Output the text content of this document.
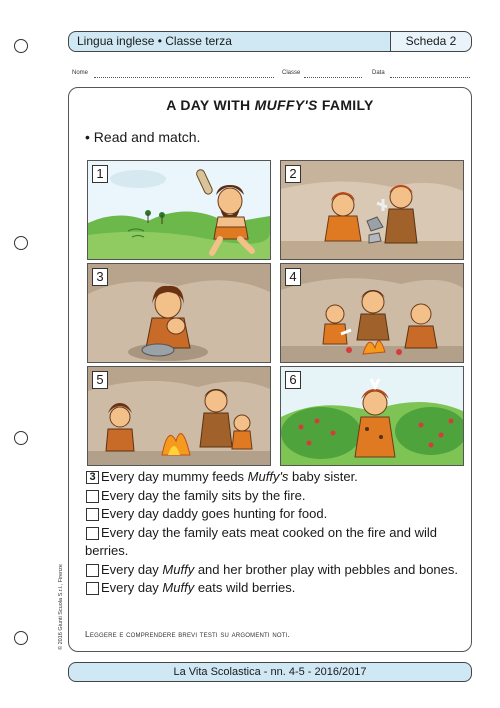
Lingua inglese • Classe terza	Scheda 2
Nome	Classe	Data
A DAY WITH MUFFY'S FAMILY
• Read and match.
1	2
3	4
5	6
3 Every day mummy feeds Muffy's baby sister.
Every day the family sits by the fire.
Every day daddy goes hunting for food.
Every day the family eats meat cooked on the fire and wild berries.
Every day Muffy and her brother play with pebbles and bones.
Every day Muffy eats wild berries.
Leggere e comprendere brevi testi su argomenti noti.
© 2016 Giunti Scuola S.r.l., Firenze
La Vita Scolastica - nn. 4-5 - 2016/2017
